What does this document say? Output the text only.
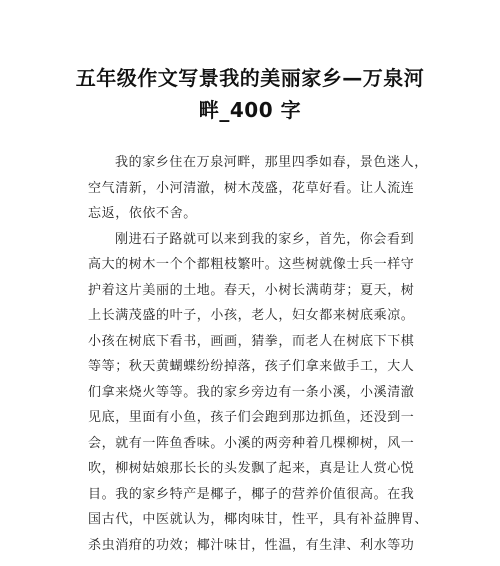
五年级作文写景我的美丽家乡—万泉河
畔_400 字
我的家乡住在万泉河畔，那里四季如春，景色迷人，
空气清新，小河清澈，树木茂盛，花草好看。让人流连
忘返，依依不舍。
刚进石子路就可以来到我的家乡，首先，你会看到
高大的树木一个个都粗枝繁叶。这些树就像士兵一样守
护着这片美丽的土地。春天，小树长满萌芽；夏天，树
上长满茂盛的叶子，小孩，老人，妇女都来树底乘凉。
小孩在树底下看书，画画，猜拳，而老人在树底下下棋
等等；秋天黄蝴蝶纷纷掉落，孩子们拿来做手工，大人
们拿来烧火等等。我的家乡旁边有一条小溪，小溪清澈
见底，里面有小鱼，孩子们会跑到那边抓鱼，还没到一
会，就有一阵鱼香味。小溪的两旁种着几棵柳树，风一
吹，柳树姑娘那长长的头发飘了起来，真是让人赏心悦
目。我的家乡特产是椰子，椰子的营养价值很高。在我
国古代，中医就认为，椰肉味甘，性平，具有补益脾胃、
杀虫消疳的功效；椰汁味甘，性温，有生津、利水等功
